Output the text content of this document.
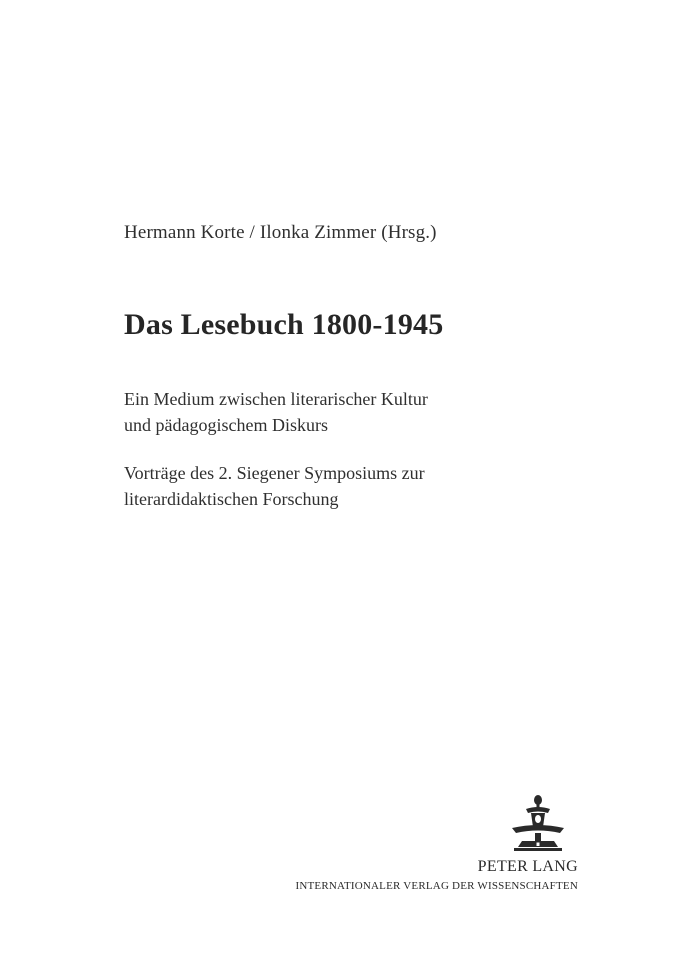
Hermann Korte / Ilonka Zimmer (Hrsg.)
Das Lesebuch 1800-1945
Ein Medium zwischen literarischer Kultur
und pädagogischem Diskurs
Vorträge des 2. Siegener Symposiums zur
literardidaktischen Forschung
PETER LANG
INTERNATIONALER VERLAG DER WISSENSCHAFTEN
